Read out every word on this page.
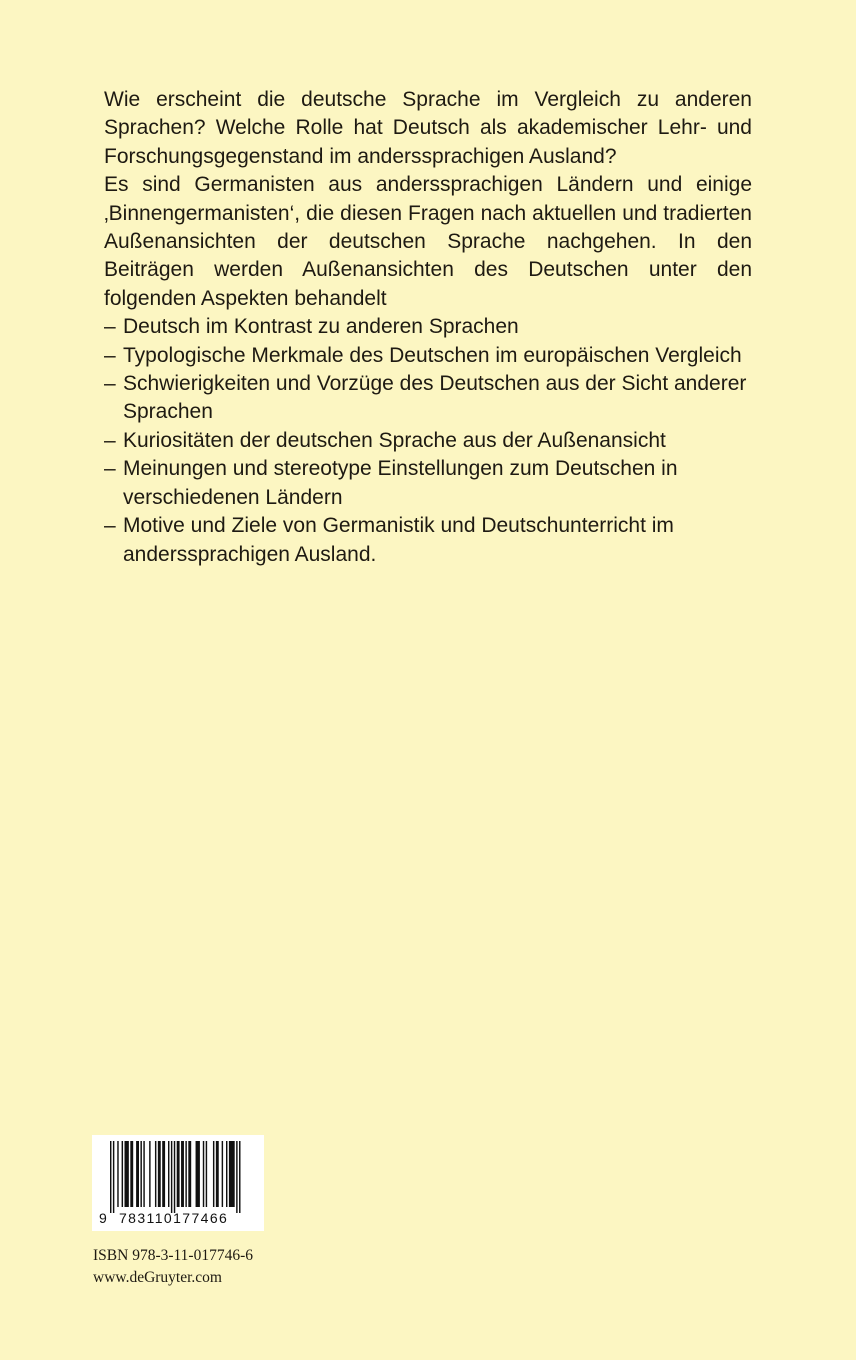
Wie erscheint die deutsche Sprache im Vergleich zu anderen Sprachen? Welche Rolle hat Deutsch als akademischer Lehr- und Forschungsgegenstand im anderssprachigen Ausland?

Es sind Germanisten aus anderssprachigen Ländern und einige ‚Binnengermanisten‘, die diesen Fragen nach aktuellen und tradierten Außenansichten der deutschen Sprache nachgehen. In den Beiträgen werden Außenansichten des Deutschen unter den folgenden Aspekten behandelt

– Deutsch im Kontrast zu anderen Sprachen
– Typologische Merkmale des Deutschen im europäischen Vergleich
– Schwierigkeiten und Vorzüge des Deutschen aus der Sicht anderer Sprachen
– Kuriositäten der deutschen Sprache aus der Außenansicht
– Meinungen und stereotype Einstellungen zum Deutschen in verschiedenen Ländern
– Motive und Ziele von Germanistik und Deutschunterricht im anderssprachigen Ausland.
9 783110177466
ISBN 978-3-11-017746-6
www.deGruyter.com
